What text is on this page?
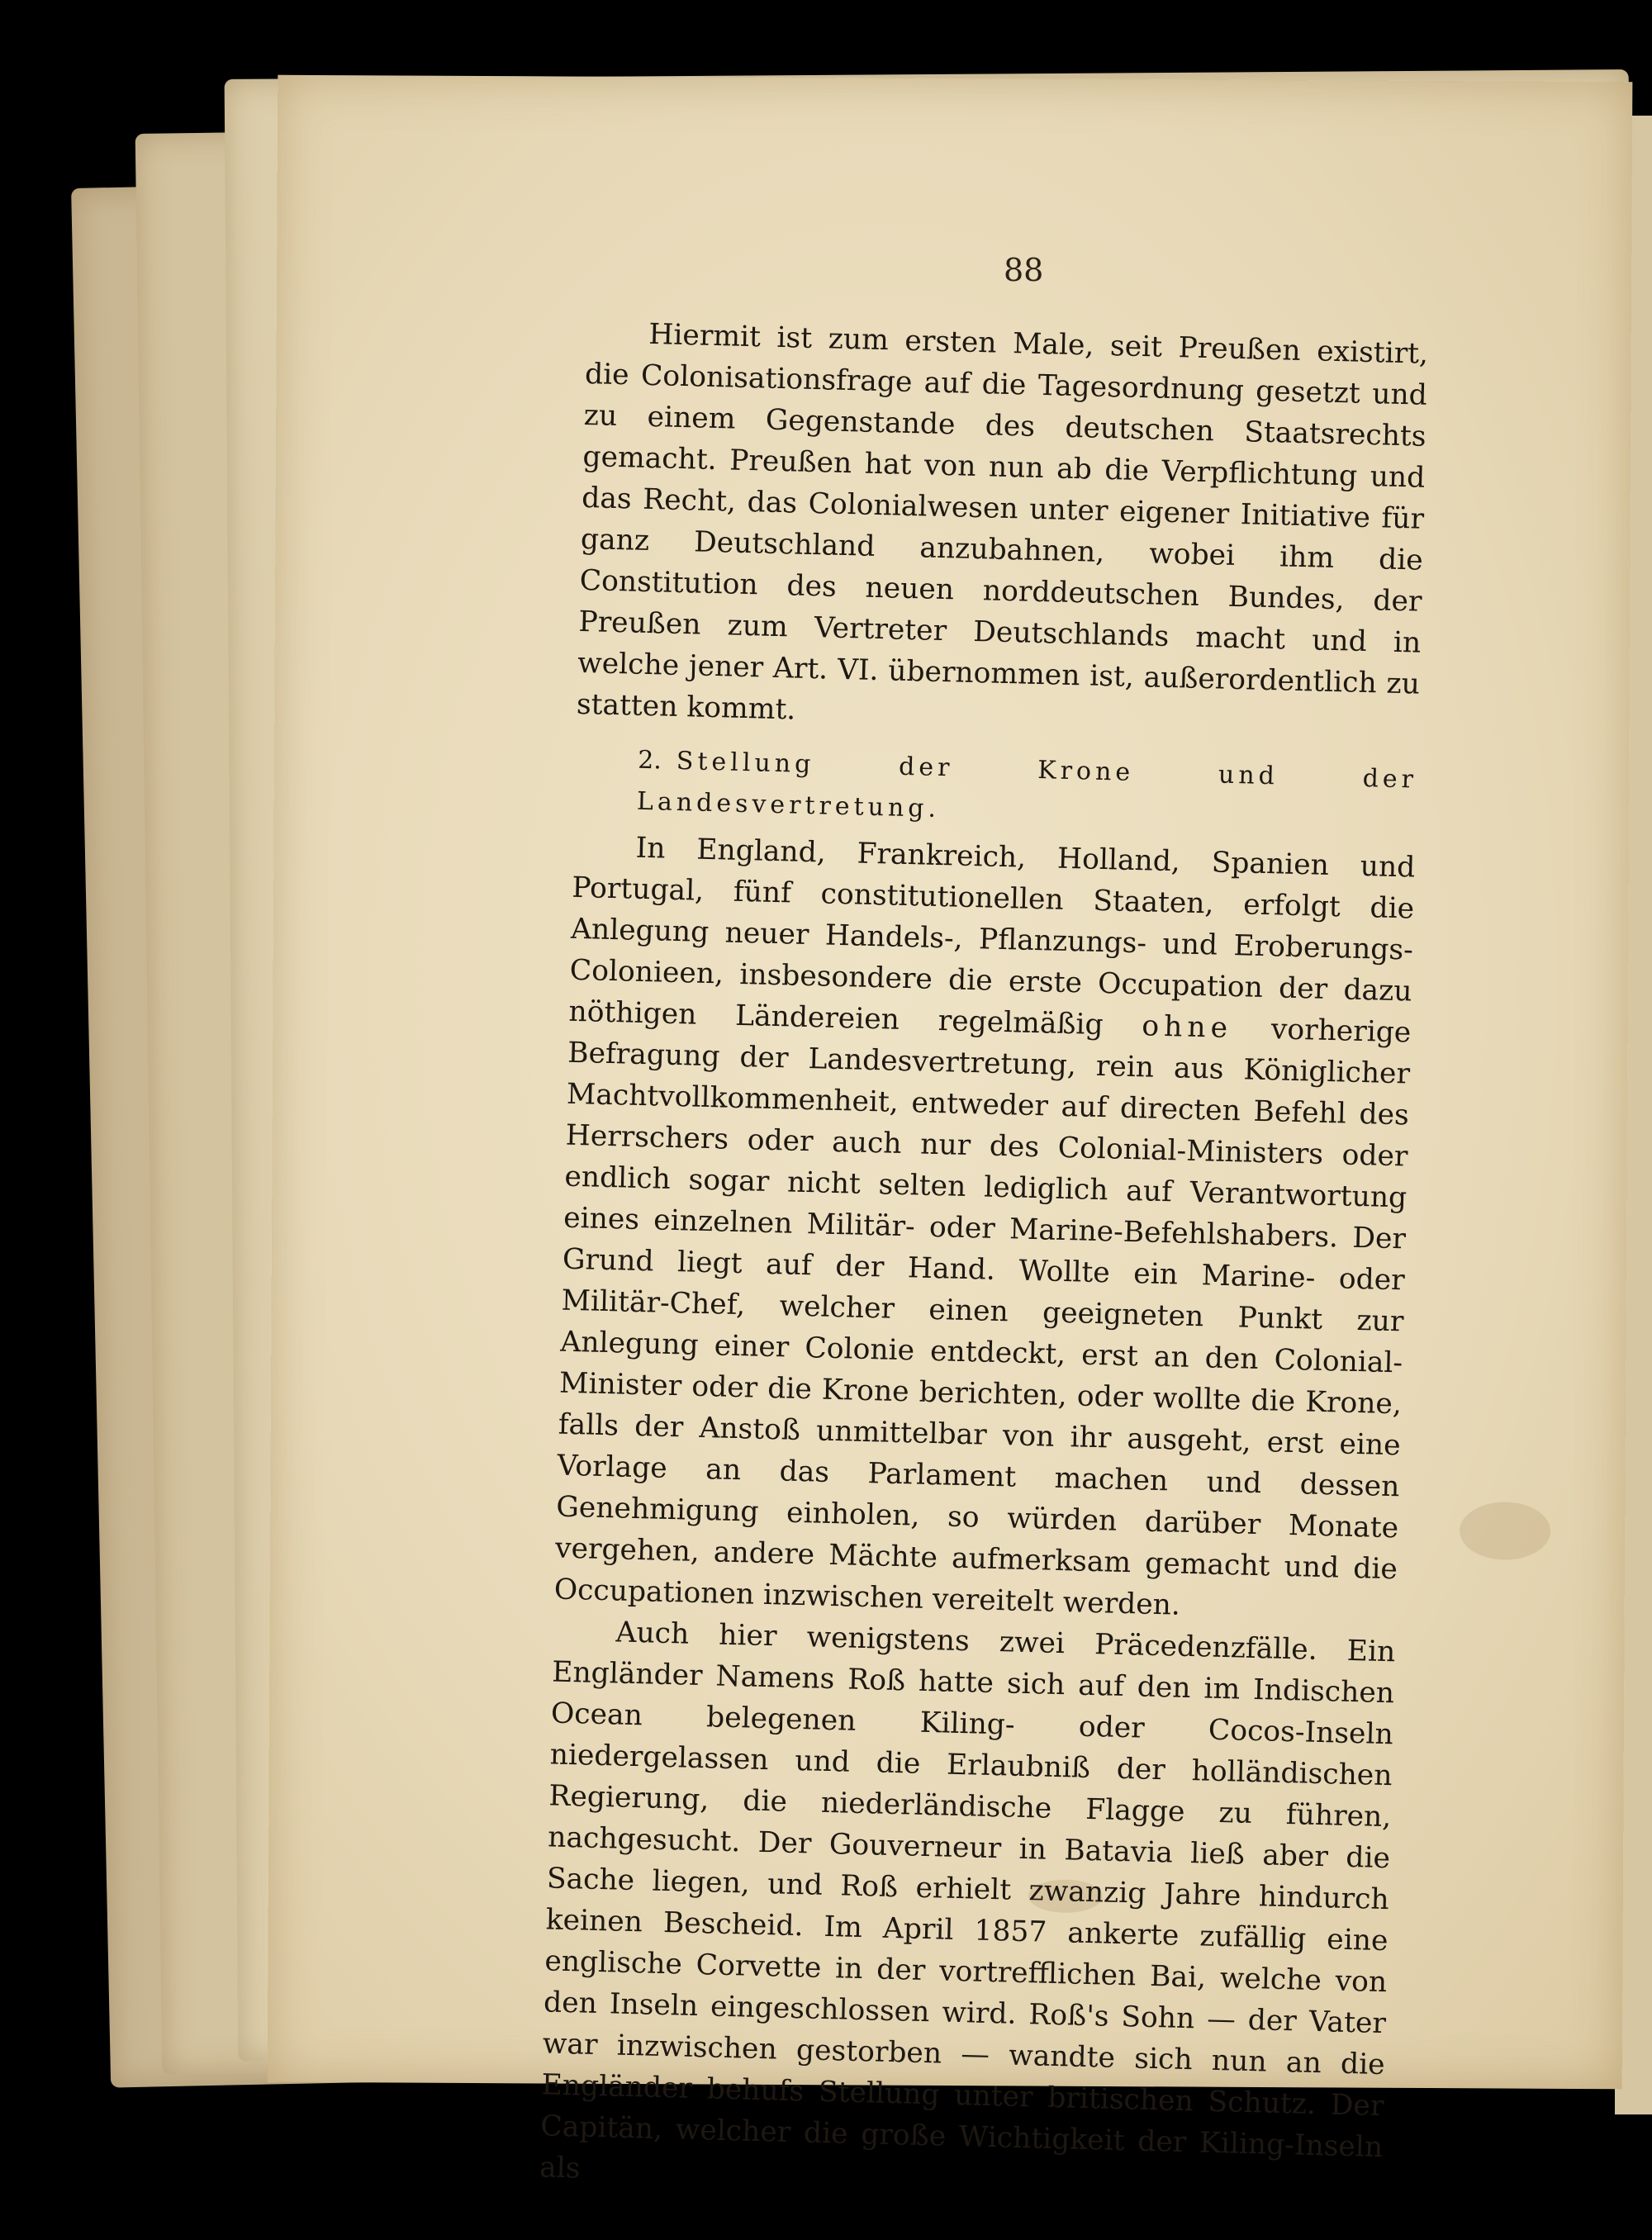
88

Hiermit ist zum ersten Male, seit Preußen existirt, die Colonisationsfrage auf die Tagesordnung gesetzt und zu einem Gegenstande des deutschen Staatsrechts gemacht. Preußen hat von nun ab die Verpflichtung und das Recht, das Colonialwesen unter eigener Initiative für ganz Deutschland anzubahnen, wobei ihm die Constitution des neuen norddeutschen Bundes, der Preußen zum Vertreter Deutschlands macht und in welche jener Art. VI. übernommen ist, außerordentlich zu statten kommt.

2. Stellung der Krone und der Landesvertretung.

In England, Frankreich, Holland, Spanien und Portugal, fünf constitutionellen Staaten, erfolgt die Anlegung neuer Handels-, Pflanzungs- und Eroberungs-Colonieen, insbesondere die erste Occupation der dazu nöthigen Ländereien regelmäßig ohne vorherige Befragung der Landesvertretung, rein aus Königlicher Machtvollkommenheit, entweder auf directen Befehl des Herrschers oder auch nur des Colonial-Ministers oder endlich sogar nicht selten lediglich auf Verantwortung eines einzelnen Militär- oder Marine-Befehlshabers. Der Grund liegt auf der Hand. Wollte ein Marine- oder Militär-Chef, welcher einen geeigneten Punkt zur Anlegung einer Colonie entdeckt, erst an den Colonial-Minister oder die Krone berichten, oder wollte die Krone, falls der Anstoß unmittelbar von ihr ausgeht, erst eine Vorlage an das Parlament machen und dessen Genehmigung einholen, so würden darüber Monate vergehen, andere Mächte aufmerksam gemacht und die Occupationen inzwischen vereitelt werden.

Auch hier wenigstens zwei Präcedenzfälle. Ein Engländer Namens Roß hatte sich auf den im Indischen Ocean belegenen Kiling- oder Cocos-Inseln niedergelassen und die Erlaubniß der holländischen Regierung, die niederländische Flagge zu führen, nachgesucht. Der Gouverneur in Batavia ließ aber die Sache liegen, und Roß erhielt zwanzig Jahre hindurch keinen Bescheid. Im April 1857 ankerte zufällig eine englische Corvette in der vortrefflichen Bai, welche von den Inseln eingeschlossen wird. Roß's Sohn — der Vater war inzwischen gestorben — wandte sich nun an die Engländer behufs Stellung unter britischen Schutz. Der Capitän, welcher die große Wichtigkeit der Kiling-Inseln als
